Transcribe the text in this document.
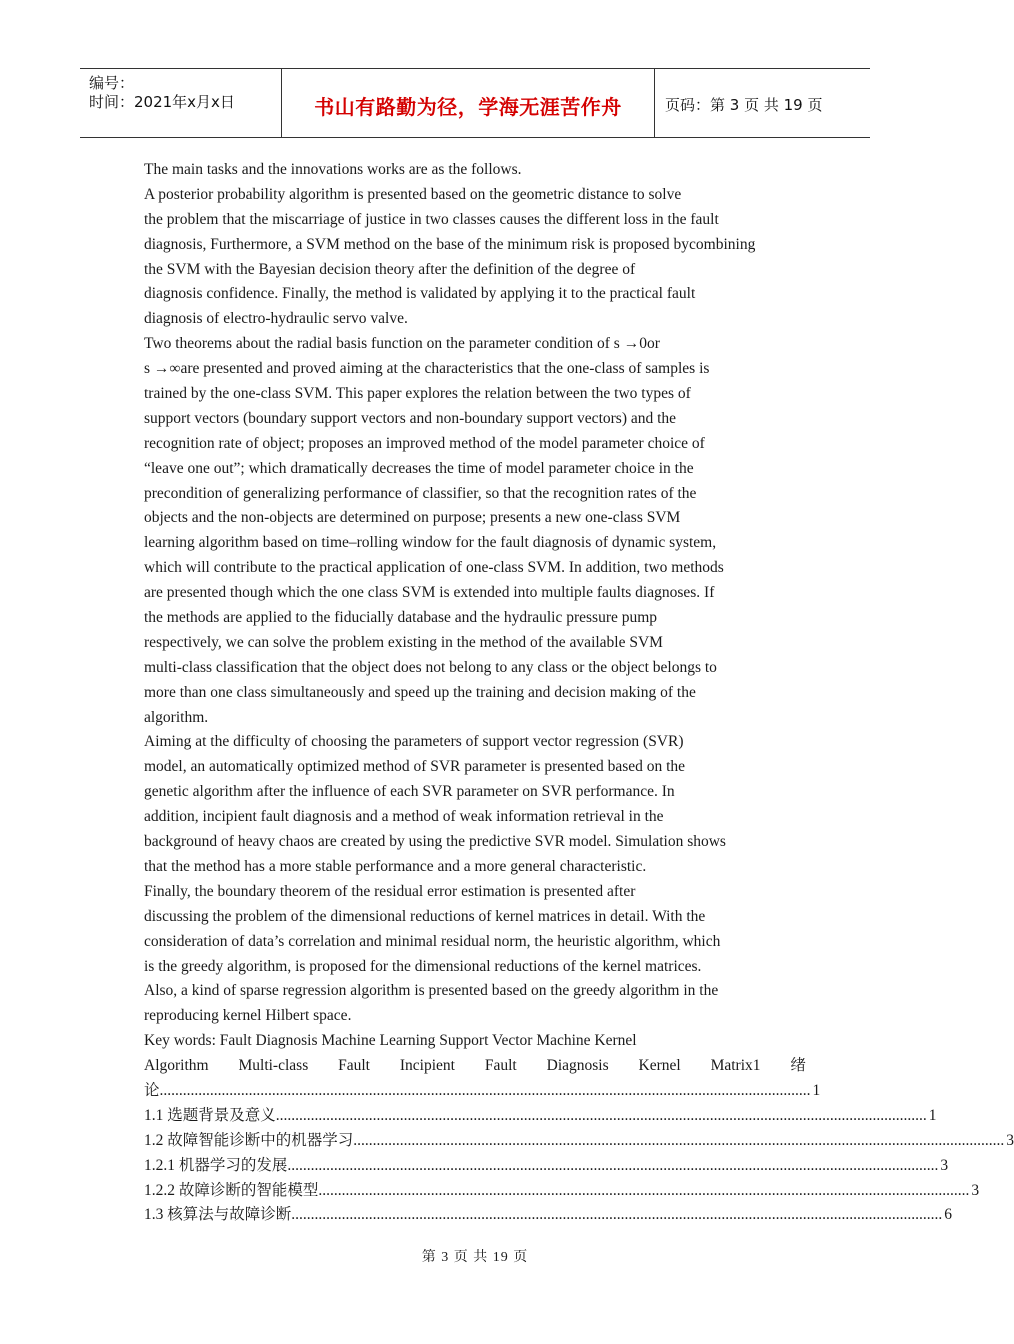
编号：
时间：2021年x月x日	书山有路勤为径，学海无涯苦作舟	页码：第 3 页 共 19 页
The main tasks and the innovations works are as the follows.
A posterior probability algorithm is presented based on the geometric distance to solve
the problem that the miscarriage of justice in two classes causes the different loss in the fault
diagnosis, Furthermore, a SVM method on the base of the minimum risk is proposed bycombining
the SVM with the Bayesian decision theory after the definition of the degree of
diagnosis confidence. Finally, the method is validated by applying it to the practical fault
diagnosis of electro-hydraulic servo valve.
Two theorems about the radial basis function on the parameter condition of s →0or
s →∞are presented and proved aiming at the characteristics that the one-class of samples is
trained by the one-class SVM. This paper explores the relation between the two types of
support vectors (boundary support vectors and non-boundary support vectors) and the
recognition rate of object; proposes an improved method of the model parameter choice of
“leave one out”; which dramatically decreases the time of model parameter choice in the
precondition of generalizing performance of classifier, so that the recognition rates of the
objects and the non-objects are determined on purpose; presents a new one-class SVM
learning algorithm based on time–rolling window for the fault diagnosis of dynamic system,
which will contribute to the practical application of one-class SVM. In addition, two methods
are presented though which the one class SVM is extended into multiple faults diagnoses. If
the methods are applied to the fiducially database and the hydraulic pressure pump
respectively, we can solve the problem existing in the method of the available SVM
multi-class classification that the object does not belong to any class or the object belongs to
more than one class simultaneously and speed up the training and decision making of the
algorithm.
Aiming at the difficulty of choosing the parameters of support vector regression (SVR)
model, an automatically optimized method of SVR parameter is presented based on the
genetic algorithm after the influence of each SVR parameter on SVR performance. In
addition, incipient fault diagnosis and a method of weak information retrieval in the
background of heavy chaos are created by using the predictive SVR model. Simulation shows
that the method has a more stable performance and a more general characteristic.
Finally, the boundary theorem of the residual error estimation is presented after
discussing the problem of the dimensional reductions of kernel matrices in detail. With the
consideration of data’s correlation and minimal residual norm, the heuristic algorithm, which
is the greedy algorithm, is proposed for the dimensional reductions of the kernel matrices.
Also, a kind of sparse regression algorithm is presented based on the greedy algorithm in the
reproducing kernel Hilbert space.
Key words: Fault Diagnosis Machine Learning Support Vector Machine Kernel
Algorithm Multi-class Fault Incipient Fault Diagnosis Kernel Matrix1 绪
论 ........................................................................................................................................................................ 1
1.1 选题背景及意义 ........................................................................................................................................................................ 1
1.2 故障智能诊断中的机器学习 ........................................................................................................................................................................ 3
1.2.1 机器学习的发展 ........................................................................................................................................................................ 3
1.2.2 故障诊断的智能模型 ........................................................................................................................................................................ 3
1.3 核算法与故障诊断 ........................................................................................................................................................................ 6
第 3 页 共 19 页
